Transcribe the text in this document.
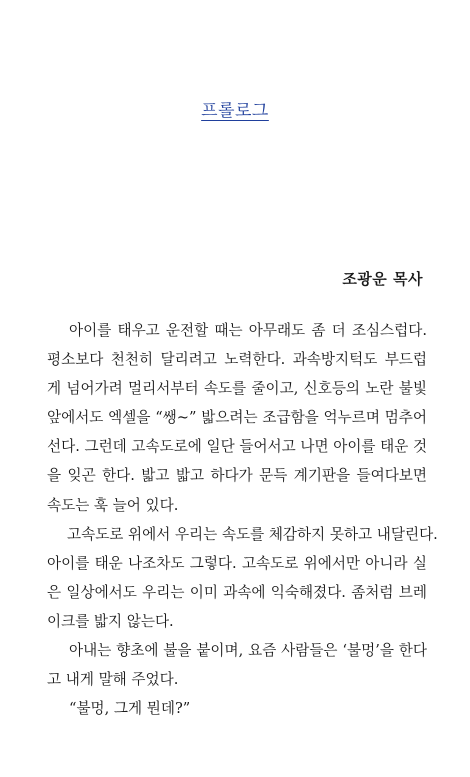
프롤로그
조광운 목사
아이를 태우고 운전할 때는 아무래도 좀 더 조심스럽다.
평소보다 천천히 달리려고 노력한다. 과속방지턱도 부드럽
게 넘어가려 멀리서부터 속도를 줄이고, 신호등의 노란 불빛
앞에서도 엑셀을 “쌩~” 밟으려는 조급함을 억누르며 멈추어
선다. 그런데 고속도로에 일단 들어서고 나면 아이를 태운 것
을 잊곤 한다. 밟고 밟고 하다가 문득 계기판을 들여다보면
속도는 훅 늘어 있다.
고속도로 위에서 우리는 속도를 체감하지 못하고 내달린다.
아이를 태운 나조차도 그렇다. 고속도로 위에서만 아니라 실
은 일상에서도 우리는 이미 과속에 익숙해졌다. 좀처럼 브레
이크를 밟지 않는다.
아내는 향초에 불을 붙이며, 요즘 사람들은 ‘불멍’을 한다
고 내게 말해 주었다.
“불멍, 그게 뭔데?”
